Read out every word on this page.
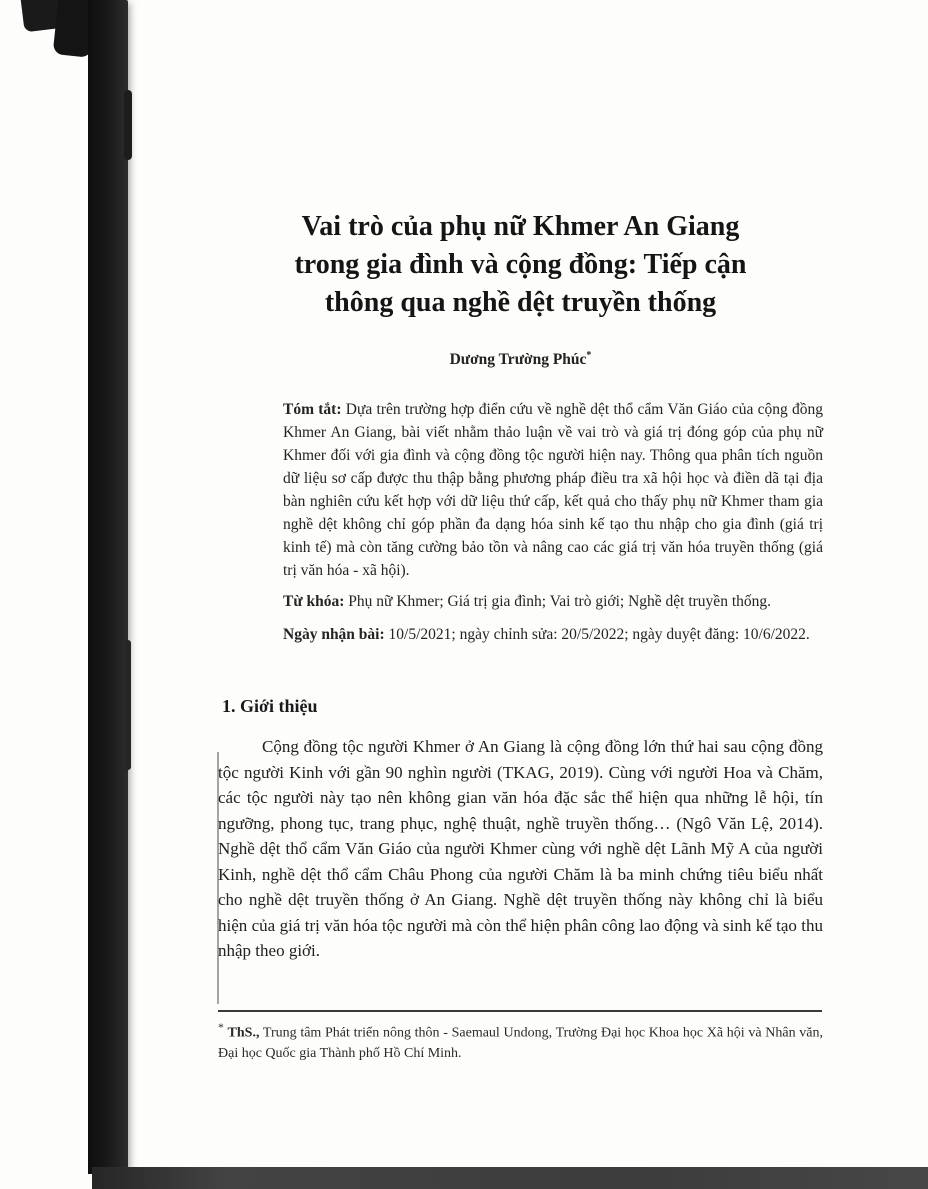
Vai trò của phụ nữ Khmer An Giang
trong gia đình và cộng đồng: Tiếp cận
thông qua nghề dệt truyền thống
Dương Trường Phúc*

Tóm tắt: Dựa trên trường hợp điển cứu về nghề dệt thổ cẩm Văn Giáo của cộng đồng Khmer An Giang, bài viết nhằm thảo luận về vai trò và giá trị đóng góp của phụ nữ Khmer đối với gia đình và cộng đồng tộc người hiện nay. Thông qua phân tích nguồn dữ liệu sơ cấp được thu thập bằng phương pháp điều tra xã hội học và điền dã tại địa bàn nghiên cứu kết hợp với dữ liệu thứ cấp, kết quả cho thấy phụ nữ Khmer tham gia nghề dệt không chỉ góp phần đa dạng hóa sinh kế tạo thu nhập cho gia đình (giá trị kinh tế) mà còn tăng cường bảo tồn và nâng cao các giá trị văn hóa truyền thống (giá trị văn hóa - xã hội).

Từ khóa: Phụ nữ Khmer; Giá trị gia đình; Vai trò giới; Nghề dệt truyền thống.

Ngày nhận bài: 10/5/2021; ngày chỉnh sửa: 20/5/2022; ngày duyệt đăng: 10/6/2022.

1. Giới thiệu

Cộng đồng tộc người Khmer ở An Giang là cộng đồng lớn thứ hai sau cộng đồng tộc người Kinh với gần 90 nghìn người (TKAG, 2019). Cùng với người Hoa và Chăm, các tộc người này tạo nên không gian văn hóa đặc sắc thể hiện qua những lễ hội, tín ngưỡng, phong tục, trang phục, nghệ thuật, nghề truyền thống… (Ngô Văn Lệ, 2014). Nghề dệt thổ cẩm Văn Giáo của người Khmer cùng với nghề dệt Lãnh Mỹ A của người Kinh, nghề dệt thổ cẩm Châu Phong của người Chăm là ba minh chứng tiêu biểu nhất cho nghề dệt truyền thống ở An Giang. Nghề dệt truyền thống này không chỉ là biểu hiện của giá trị văn hóa tộc người mà còn thể hiện phân công lao động và sinh kế tạo thu nhập theo giới.

* ThS., Trung tâm Phát triển nông thôn - Saemaul Undong, Trường Đại học Khoa học Xã hội và Nhân văn, Đại học Quốc gia Thành phố Hồ Chí Minh.
